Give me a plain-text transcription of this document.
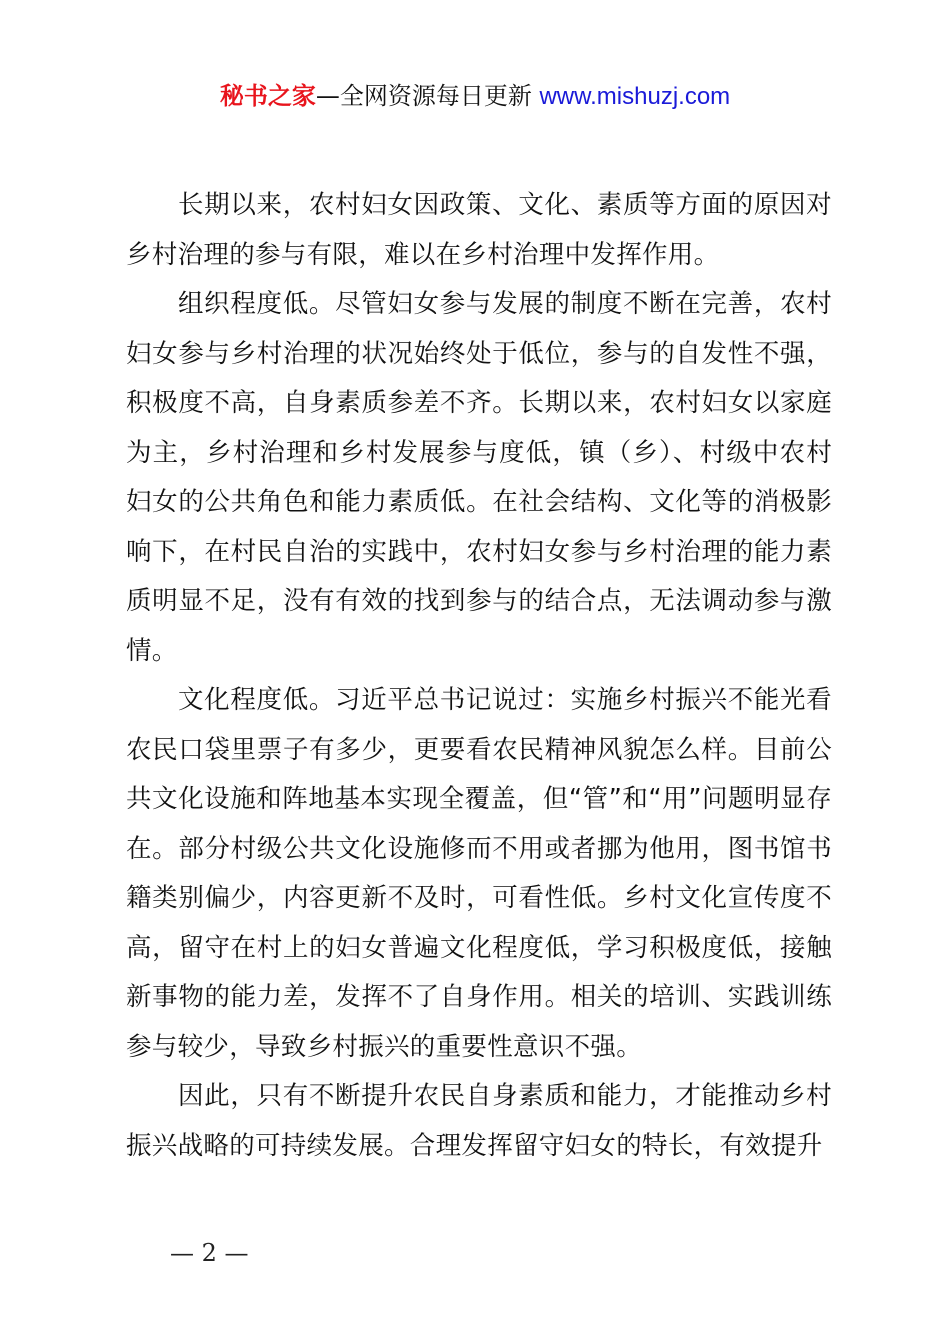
秘书之家—全网资源每日更新 www.mishuzj.com

长期以来，农村妇女因政策、文化、素质等方面的原因对乡村治理的参与有限，难以在乡村治理中发挥作用。

组织程度低。尽管妇女参与发展的制度不断在完善，农村妇女参与乡村治理的状况始终处于低位，参与的自发性不强，积极度不高，自身素质参差不齐。长期以来，农村妇女以家庭为主，乡村治理和乡村发展参与度低，镇（乡）、村级中农村妇女的公共角色和能力素质低。在社会结构、文化等的消极影响下，在村民自治的实践中，农村妇女参与乡村治理的能力素质明显不足，没有有效的找到参与的结合点，无法调动参与激情。

文化程度低。习近平总书记说过：实施乡村振兴不能光看农民口袋里票子有多少，更要看农民精神风貌怎么样。目前公共文化设施和阵地基本实现全覆盖，但“管”和“用”问题明显存在。部分村级公共文化设施修而不用或者挪为他用，图书馆书籍类别偏少，内容更新不及时，可看性低。乡村文化宣传度不高，留守在村上的妇女普遍文化程度低，学习积极度低，接触新事物的能力差，发挥不了自身作用。相关的培训、实践训练参与较少，导致乡村振兴的重要性意识不强。

因此，只有不断提升农民自身素质和能力，才能推动乡村振兴战略的可持续发展。合理发挥留守妇女的特长，有效提升

— 2 —
